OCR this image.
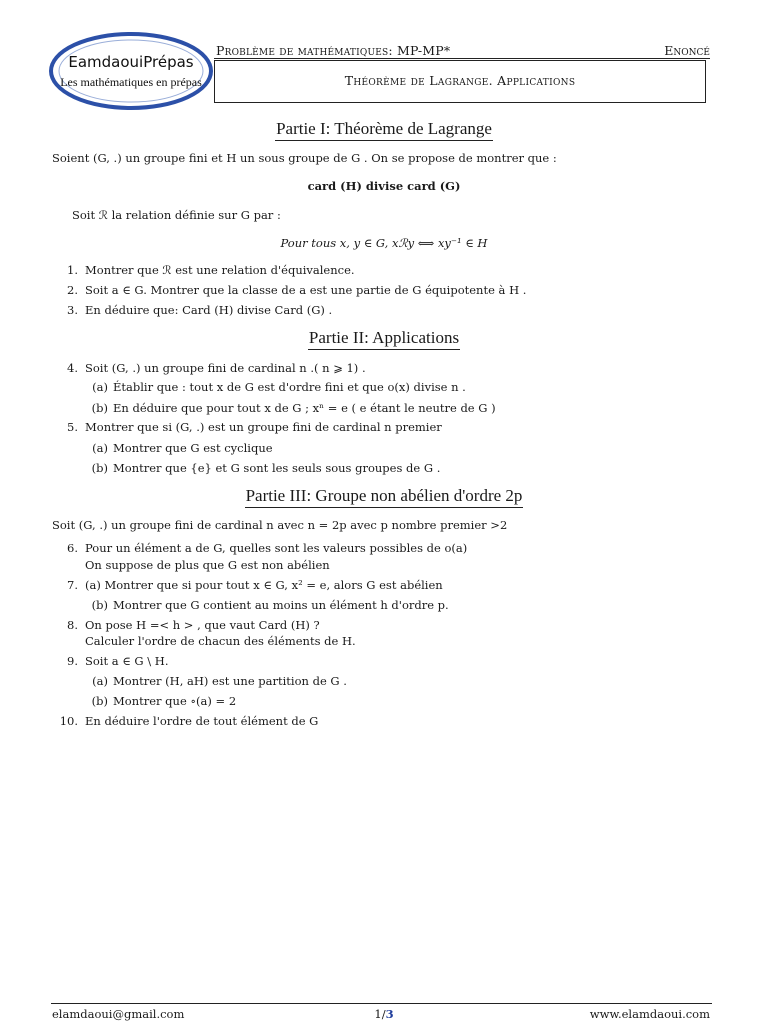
EamdaouiPrépas
Les mathématiques en prépas
Problème de mathématiques: MP-MP*	Enoncé
Théorème de Lagrange. Applications
Partie I: Théorème de Lagrange
Soient (G, .) un groupe fini et H un sous groupe de G . On se propose de montrer que :
card (H) divise card (G)
Soit ℛ la relation définie sur G par :
Pour tous x, y ∈ G, xℛy ⟺ xy⁻¹ ∈ H
1. Montrer que ℛ est une relation d'équivalence.
2. Soit a ∈ G. Montrer que la classe de a est une partie de G équipotente à H .
3. En déduire que: Card (H) divise Card (G) .
Partie II: Applications
4. Soit (G, .) un groupe fini de cardinal n .( n ⩾ 1) .
(a) Établir que : tout x de G est d'ordre fini et que o(x) divise n .
(b) En déduire que pour tout x de G ; xⁿ = e ( e étant le neutre de G )
5. Montrer que si (G, .) est un groupe fini de cardinal n premier
(a) Montrer que G est cyclique
(b) Montrer que {e} et G sont les seuls sous groupes de G .
Partie III: Groupe non abélien d'ordre 2p
Soit (G, .) un groupe fini de cardinal n avec n = 2p avec p nombre premier >2
6. Pour un élément a de G, quelles sont les valeurs possibles de o(a)
On suppose de plus que G est non abélien
7. (a) Montrer que si pour tout x ∈ G, x² = e, alors G est abélien
(b) Montrer que G contient au moins un élément h d'ordre p.
8. On pose H =< h > , que vaut Card (H) ?
Calculer l'ordre de chacun des éléments de H.
9. Soit a ∈ G \ H.
(a) Montrer (H, aH) est une partition de G .
(b) Montrer que ∘(a) = 2
10. En déduire l'ordre de tout élément de G
elamdaoui@gmail.com	1/3	www.elamdaoui.com
